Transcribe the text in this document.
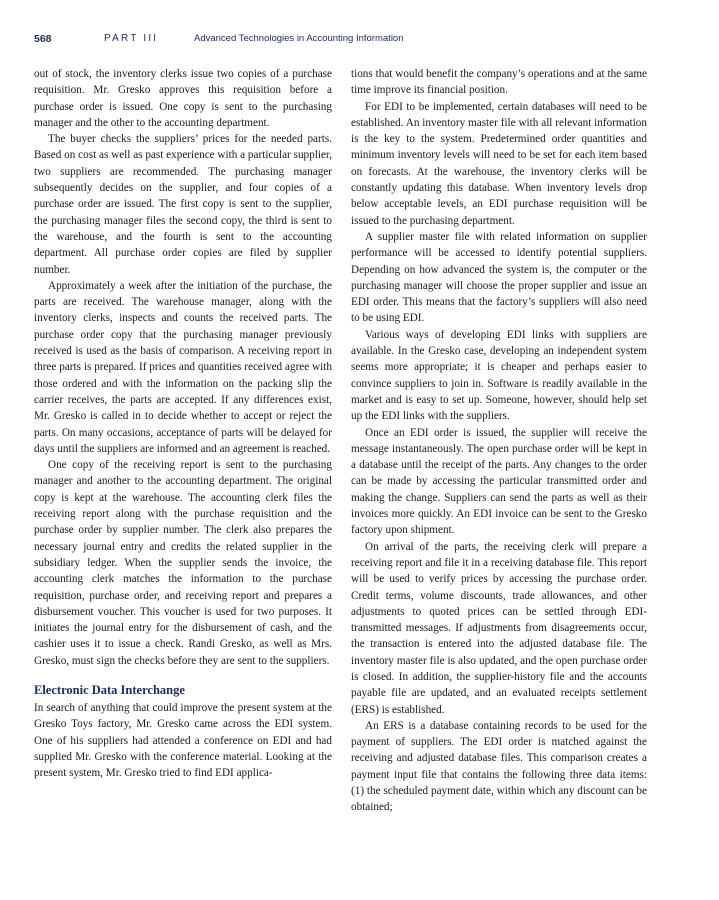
568	PART III	Advanced Technologies in Accounting Information

out of stock, the inventory clerks issue two copies of a purchase requisition. Mr. Gresko approves this requisition before a purchase order is issued. One copy is sent to the purchasing manager and the other to the accounting department.

The buyer checks the suppliers’ prices for the needed parts. Based on cost as well as past experience with a particular supplier, two suppliers are recommended. The purchasing manager subsequently decides on the supplier, and four copies of a purchase order are issued. The first copy is sent to the supplier, the purchasing manager files the second copy, the third is sent to the warehouse, and the fourth is sent to the accounting department. All purchase order copies are filed by supplier number.

Approximately a week after the initiation of the purchase, the parts are received. The warehouse manager, along with the inventory clerks, inspects and counts the received parts. The purchase order copy that the purchasing manager previously received is used as the basis of comparison. A receiving report in three parts is prepared. If prices and quantities received agree with those ordered and with the information on the packing slip the carrier receives, the parts are accepted. If any differences exist, Mr. Gresko is called in to decide whether to accept or reject the parts. On many occasions, acceptance of parts will be delayed for days until the suppliers are informed and an agreement is reached.

One copy of the receiving report is sent to the purchasing manager and another to the accounting department. The original copy is kept at the warehouse. The accounting clerk files the receiving report along with the purchase requisition and the purchase order by supplier number. The clerk also prepares the necessary journal entry and credits the related supplier in the subsidiary ledger. When the supplier sends the invoice, the accounting clerk matches the information to the purchase requisition, purchase order, and receiving report and prepares a disbursement voucher. This voucher is used for two purposes. It initiates the journal entry for the disbursement of cash, and the cashier uses it to issue a check. Randi Gresko, as well as Mrs. Gresko, must sign the checks before they are sent to the suppliers.

Electronic Data Interchange

In search of anything that could improve the present system at the Gresko Toys factory, Mr. Gresko came across the EDI system. One of his suppliers had attended a conference on EDI and had supplied Mr. Gresko with the conference material. Looking at the present system, Mr. Gresko tried to find EDI applica-

tions that would benefit the company’s operations and at the same time improve its financial position.

For EDI to be implemented, certain databases will need to be established. An inventory master file with all relevant information is the key to the system. Predetermined order quantities and minimum inventory levels will need to be set for each item based on forecasts. At the warehouse, the inventory clerks will be constantly updating this database. When inventory levels drop below acceptable levels, an EDI purchase requisition will be issued to the purchasing department.

A supplier master file with related information on supplier performance will be accessed to identify potential suppliers. Depending on how advanced the system is, the computer or the purchasing manager will choose the proper supplier and issue an EDI order. This means that the factory’s suppliers will also need to be using EDI.

Various ways of developing EDI links with suppliers are available. In the Gresko case, developing an independent system seems more appropriate; it is cheaper and perhaps easier to convince suppliers to join in. Software is readily available in the market and is easy to set up. Someone, however, should help set up the EDI links with the suppliers.

Once an EDI order is issued, the supplier will receive the message instantaneously. The open purchase order will be kept in a database until the receipt of the parts. Any changes to the order can be made by accessing the particular transmitted order and making the change. Suppliers can send the parts as well as their invoices more quickly. An EDI invoice can be sent to the Gresko factory upon shipment.

On arrival of the parts, the receiving clerk will prepare a receiving report and file it in a receiving database file. This report will be used to verify prices by accessing the purchase order. Credit terms, volume discounts, trade allowances, and other adjustments to quoted prices can be settled through EDI-transmitted messages. If adjustments from disagreements occur, the transaction is entered into the adjusted database file. The inventory master file is also updated, and the open purchase order is closed. In addition, the supplier-history file and the accounts payable file are updated, and an evaluated receipts settlement (ERS) is established.

An ERS is a database containing records to be used for the payment of suppliers. The EDI order is matched against the receiving and adjusted database files. This comparison creates a payment input file that contains the following three data items: (1) the scheduled payment date, within which any discount can be obtained;
